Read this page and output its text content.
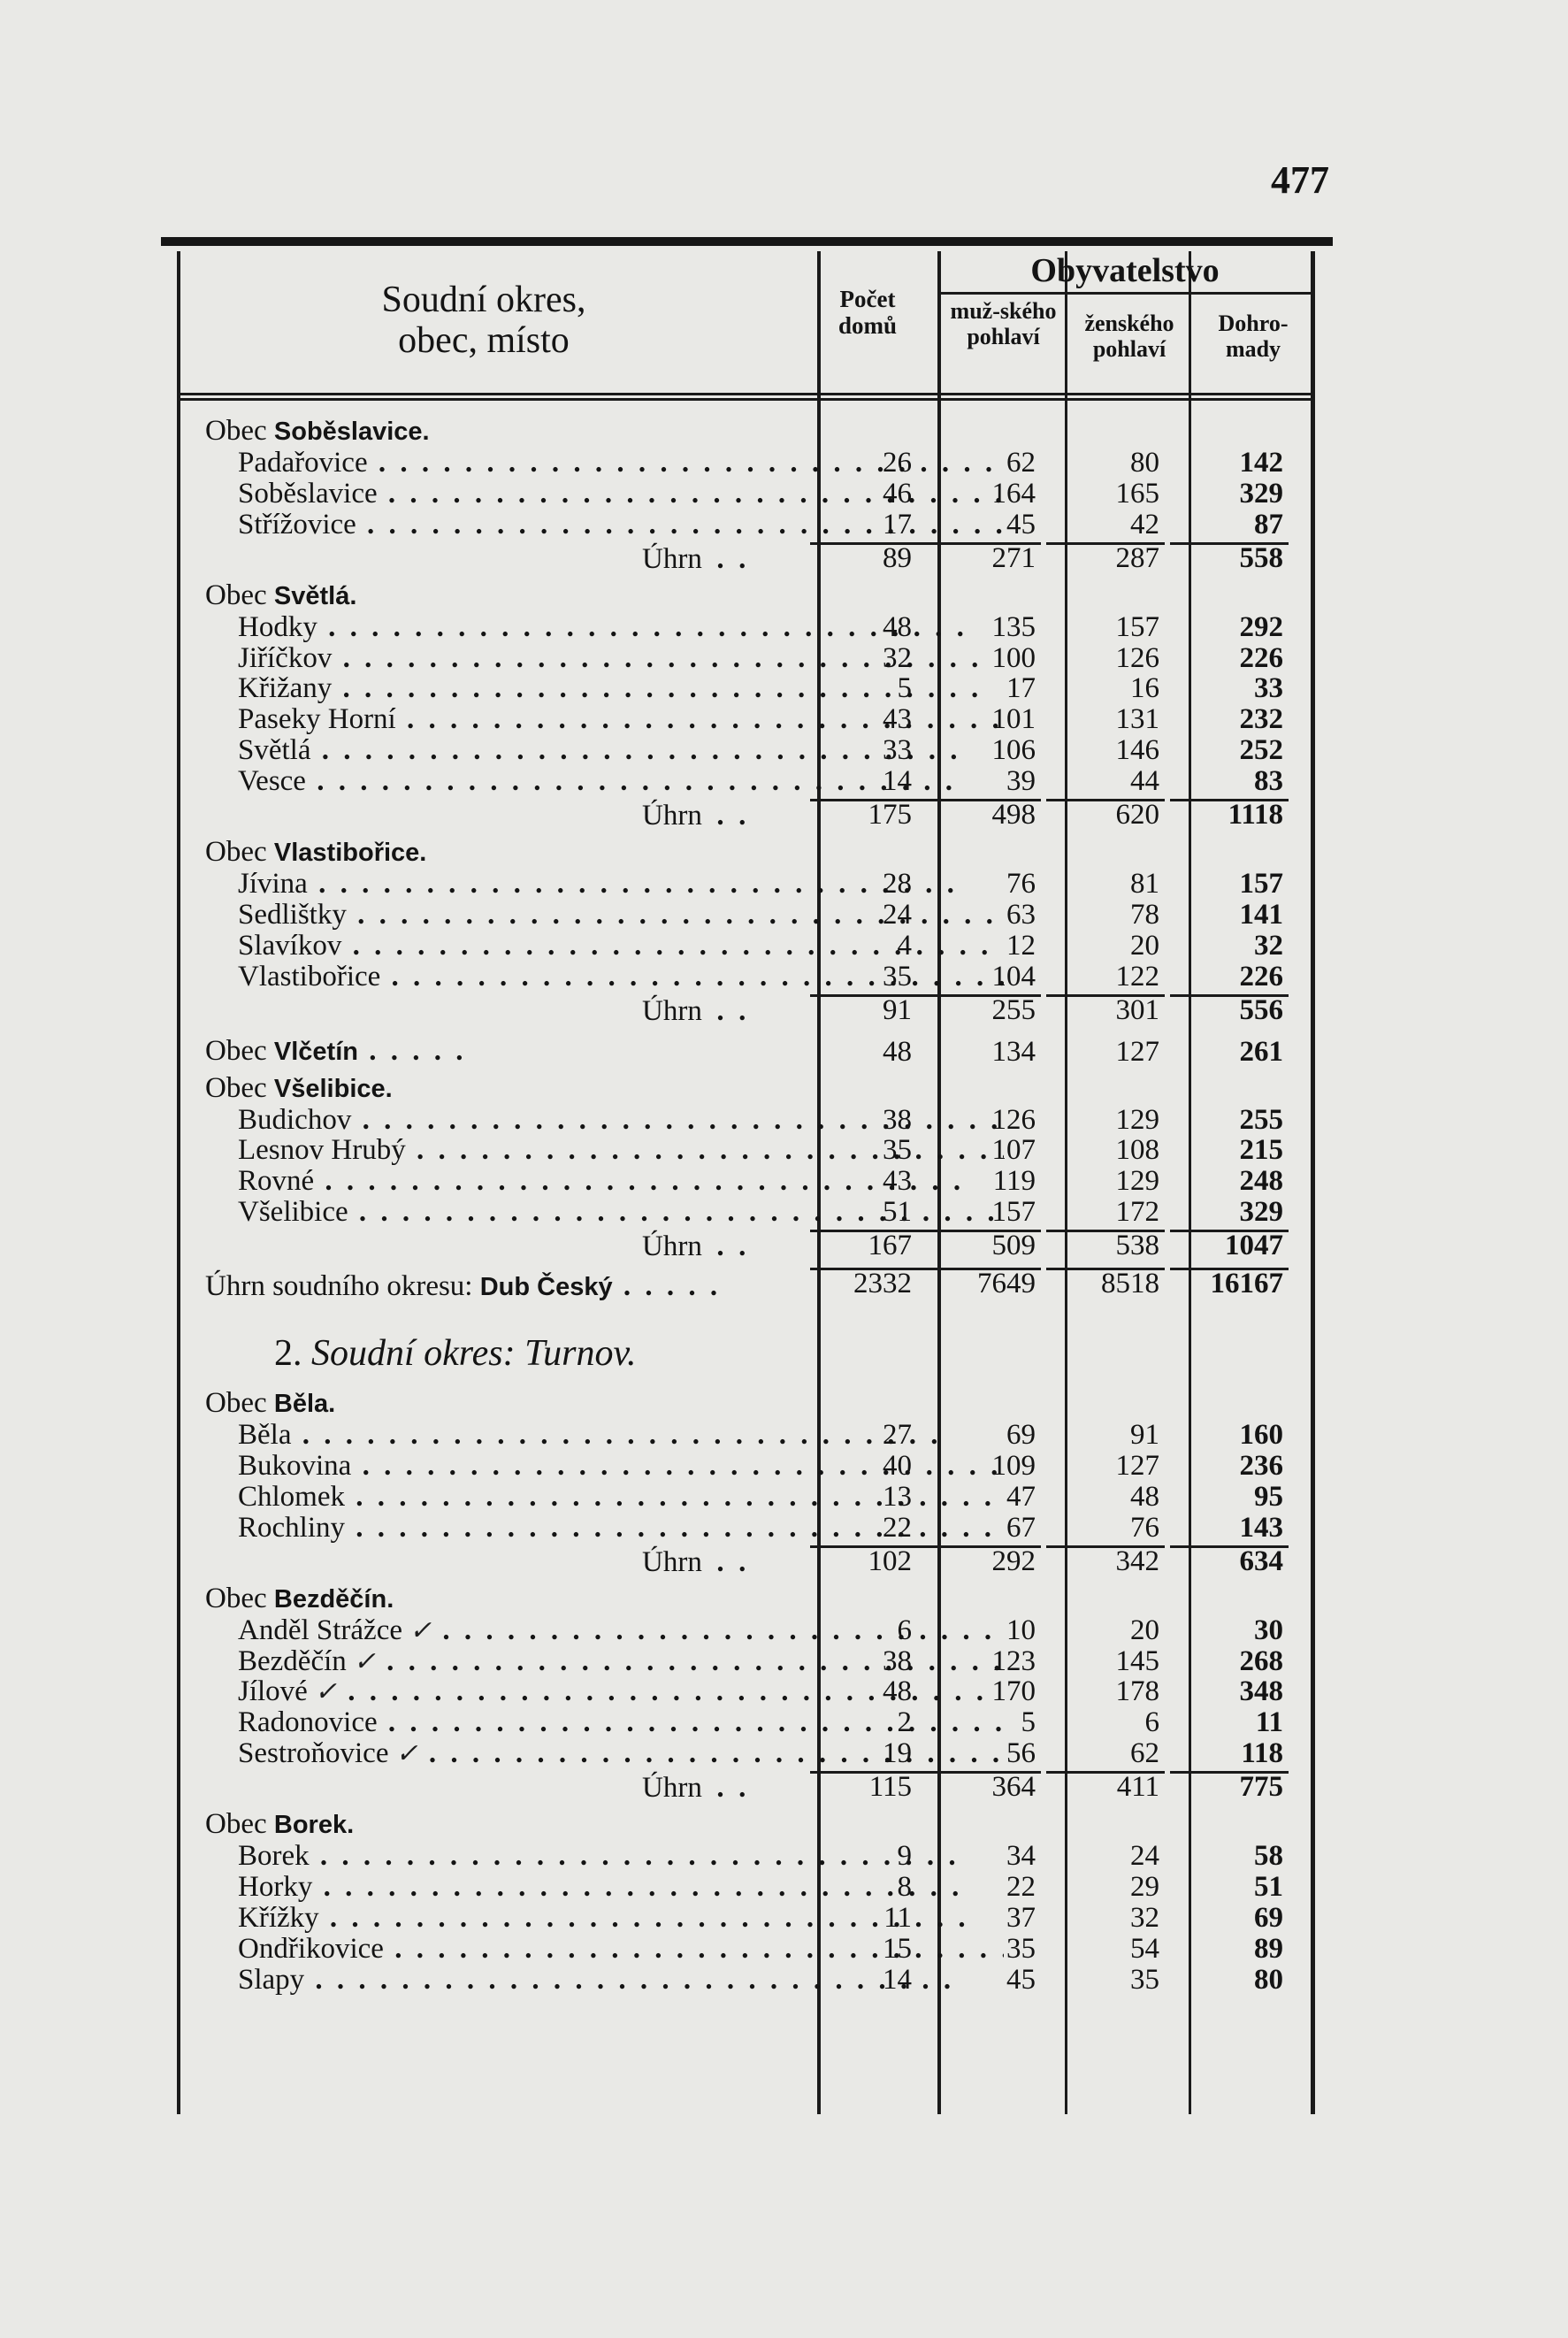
477
Soudní okres,
obec, místo
Počet domů
Obyvatelstvo
muž-ského pohlaví
ženského pohlaví
Dohro-mady
Obec Soběslavice.
Padařovice . . .	26	62	80	142
Soběslavice . . .	46	164	165	329
Střížovice . . .	17	45	42	87
Úhrn . .	89	271	287	558
Obec Světlá.
Hodky . . .	48	135	157	292
Jiříčkov . . .	32	100	126	226
Křižany . . .	5	17	16	33
Paseky Horní . . .	43	101	131	232
Světlá . . .	33	106	146	252
Vesce . . .	14	39	44	83
Úhrn . .	175	498	620	1118
Obec Vlastibořice.
Jívina . . .	28	76	81	157
Sedlištky . . .	24	63	78	141
Slavíkov . . .	4	12	20	32
Vlastibořice . . .	35	104	122	226
Úhrn . .	91	255	301	556
Obec Vlčetín . . .	48	134	127	261
Obec Všelibice.
Budichov . . .	38	126	129	255
Lesnov Hrubý . . .	35	107	108	215
Rovné . . .	43	119	129	248
Všelibice . . .	51	157	172	329
Úhrn . .	167	509	538	1047
Úhrn soudního okresu: Dub Český . . .	2332	7649	8518	16167
2. Soudní okres: Turnov.
Obec Běla.
Běla . . .	27	69	91	160
Bukovina . . .	40	109	127	236
Chlomek . . .	13	47	48	95
Rochliny . . .	22	67	76	143
Úhrn . .	102	292	342	634
Obec Bezděčín.
Anděl Strážce ✓ . . .	6	10	20	30
Bezděčín ✓ . . .	38	123	145	268
Jílové ✓ . . .	48	170	178	348
Radonovice . . .	2	5	6	11
Sestroňovice ✓ . . .	19	56	62	118
Úhrn . .	115	364	411	775
Obec Borek.
Borek . . .	9	34	24	58
Horky . . .	8	22	29	51
Křížky . . .	11	37	32	69
Ondřikovice . . .	15	35	54	89
Slapy . . .	14	45	35	80
